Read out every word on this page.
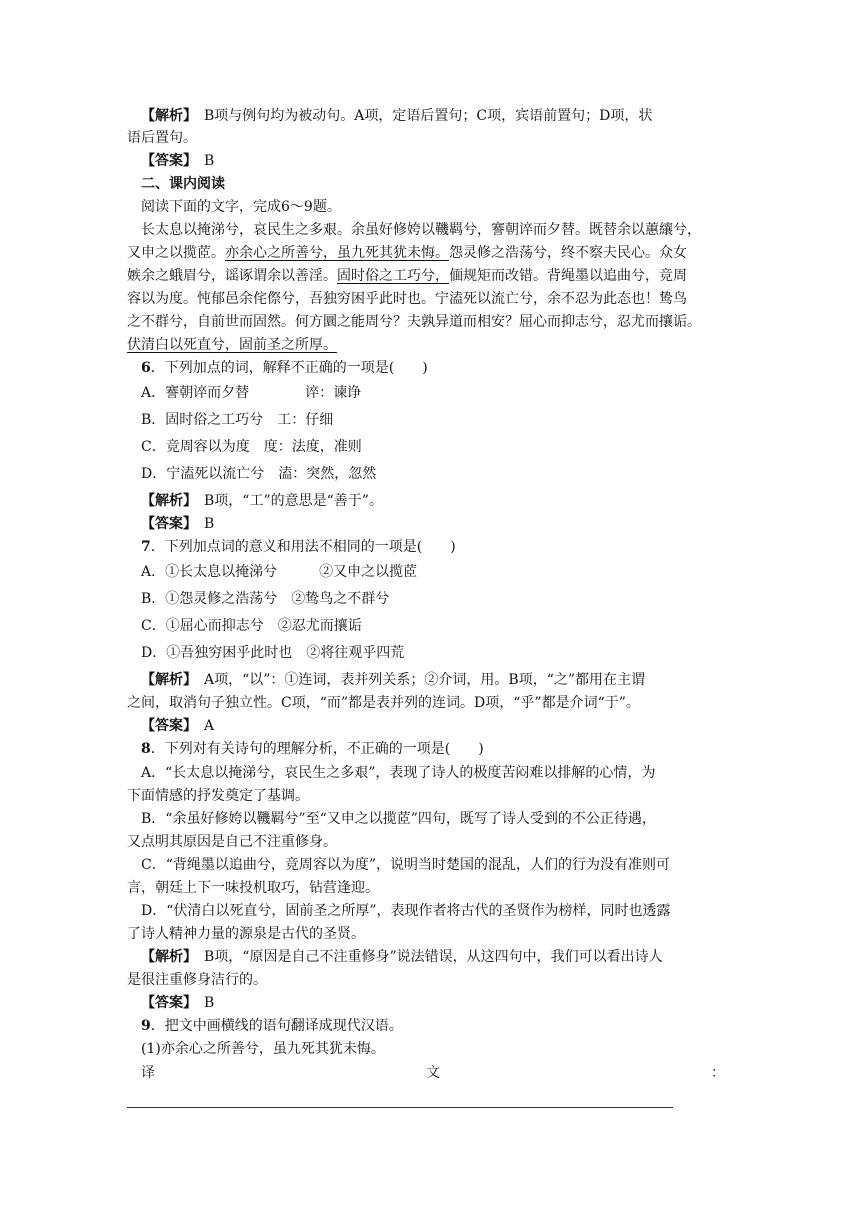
【解析】　 B项与例句均为被动句。A项，定语后置句；C项，宾语前置句；D项，状
语后置句。
【答案】　 B
二、课内阅读
阅读下面的文字，完成6～9题。
长太息以掩涕兮，哀民生之多艰。余虽好修姱以鞿羁兮，謇朝谇而夕替。既替余以蕙纕兮，
又申之以揽茝。亦余心之所善兮，虽九死其犹未悔。怨灵修之浩荡兮，终不察夫民心。众女
嫉余之蛾眉兮，谣诼谓余以善淫。固时俗之工巧兮，偭规矩而改错。背绳墨以追曲兮，竞周
容以为度。忳郁邑余侘傺兮，吾独穷困乎此时也。宁溘死以流亡兮，余不忍为此态也！鸷鸟
之不群兮，自前世而固然。何方圜之能周兮？夫孰异道而相安？屈心而抑志兮，忍尤而攘诟。
伏清白以死直兮，固前圣之所厚。
6．下列加点的词，解释不正确的一项是(　　)
A．謇朝谇而夕替　　　　谇：谏诤
B．固时俗之工巧兮　工：仔细
C．竞周容以为度　度：法度，准则
D．宁溘死以流亡兮　溘：突然，忽然
【解析】　 B项，“工”的意思是“善于”。
【答案】　 B
7．下列加点词的意义和用法不相同的一项是(　　)
A．①长太息以掩涕兮　　　②又申之以揽茝
B．①怨灵修之浩荡兮　②鸷鸟之不群兮
C．①屈心而抑志兮　②忍尤而攘诟
D．①吾独穷困乎此时也　②将往观乎四荒
【解析】　 A项，“以”：①连词，表并列关系；②介词，用。B项，“之”都用在主谓
之间，取消句子独立性。C项，“而”都是表并列的连词。D项，“乎”都是介词“于”。
【答案】　 A
8．下列对有关诗句的理解分析，不正确的一项是(　　)
A．“长太息以掩涕兮，哀民生之多艰”，表现了诗人的极度苦闷难以排解的心情，为
下面情感的抒发奠定了基调。
B．“余虽好修姱以鞿羁兮”至“又申之以揽茝”四句，既写了诗人受到的不公正待遇，
又点明其原因是自己不注重修身。
C．“背绳墨以追曲兮，竞周容以为度”，说明当时楚国的混乱，人们的行为没有准则可
言，朝廷上下一味投机取巧，钻营逢迎。
D．“伏清白以死直兮，固前圣之所厚”，表现作者将古代的圣贤作为榜样，同时也透露
了诗人精神力量的源泉是古代的圣贤。
【解析】　 B项，“原因是自己不注重修身”说法错误，从这四句中，我们可以看出诗人
是很注重修身洁行的。
【答案】　 B
9．把文中画横线的语句翻译成现代汉语。
(1)亦余心之所善兮，虽九死其犹未悔。
译	文	：
